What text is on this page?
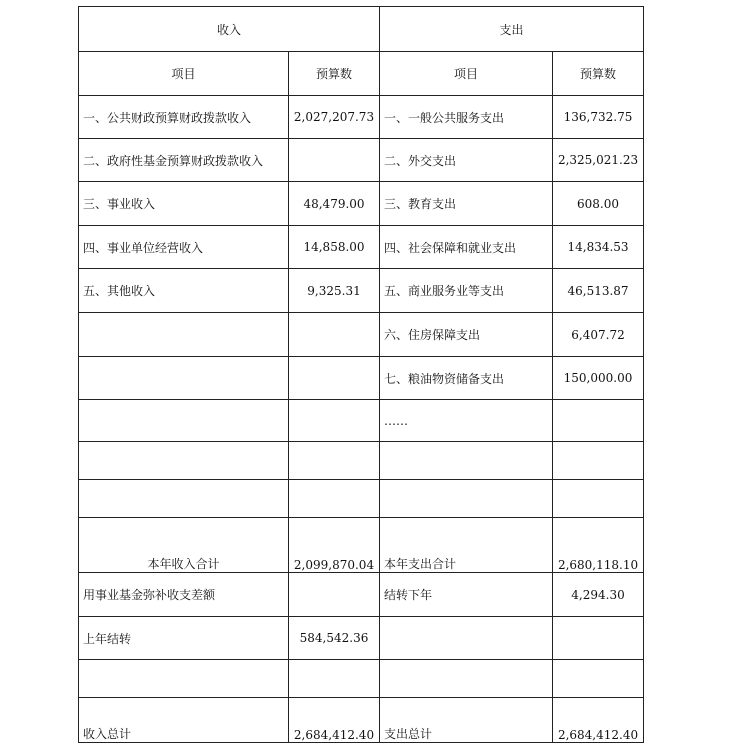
收入		支出	
项目	预算数	项目	预算数
一、公共财政预算财政拨款收入	2,027,207.73	一、一般公共服务支出	136,732.75
二、政府性基金预算财政拨款收入		二、外交支出	2,325,021.23
三、事业收入	48,479.00	三、教育支出	608.00
四、事业单位经营收入	14,858.00	四、社会保障和就业支出	14,834.53
五、其他收入	9,325.31	五、商业服务业等支出	46,513.87
		六、住房保障支出	6,407.72
		七、粮油物资储备支出	150,000.00
		……	

本年收入合计	2,099,870.04	本年支出合计	2,680,118.10
用事业基金弥补收支差额		结转下年	4,294.30
上年结转	584,542.36		

收入总计	2,684,412.40	支出总计	2,684,412.40
